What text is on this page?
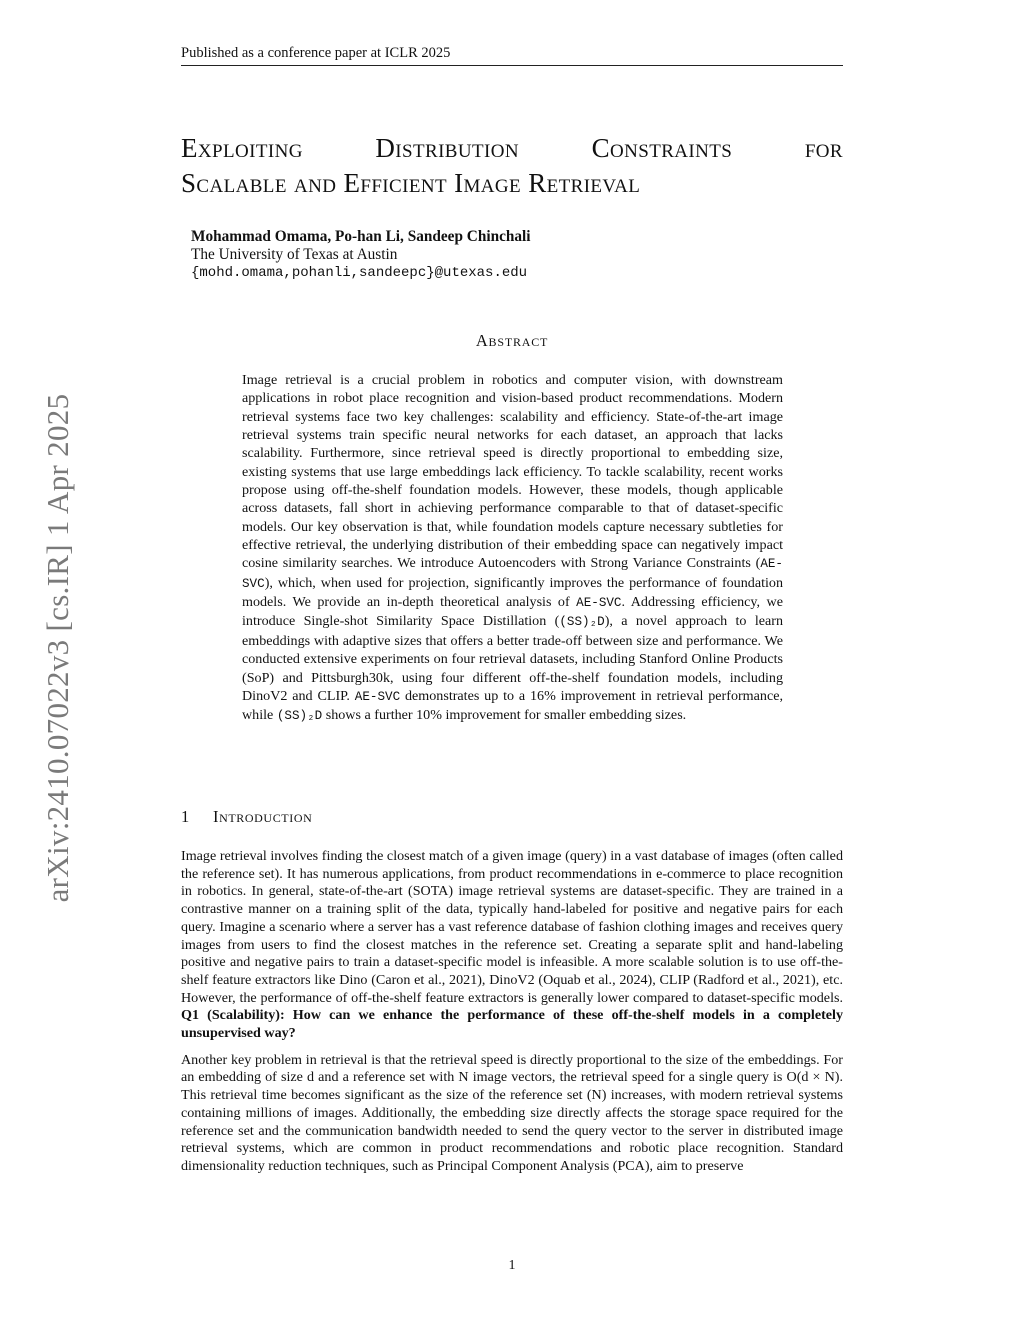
Published as a conference paper at ICLR 2025
arXiv:2410.07022v3 [cs.IR] 1 Apr 2025
Exploiting	Distribution	Constraints	for
Scalable and Efficient Image Retrieval
Mohammad Omama, Po-han Li, Sandeep Chinchali
The University of Texas at Austin
{mohd.omama,pohanli,sandeepc}@utexas.edu
Abstract

Image retrieval is a crucial problem in robotics and computer vision, with downstream applications in robot place recognition and vision-based product recommendations. Modern retrieval systems face two key challenges: scalability and efficiency. State-of-the-art image retrieval systems train specific neural networks for each dataset, an approach that lacks scalability. Furthermore, since retrieval speed is directly proportional to embedding size, existing systems that use large embeddings lack efficiency. To tackle scalability, recent works propose using off-the-shelf foundation models. However, these models, though applicable across datasets, fall short in achieving performance comparable to that of dataset-specific models. Our key observation is that, while foundation models capture necessary subtleties for effective retrieval, the underlying distribution of their embedding space can negatively impact cosine similarity searches. We introduce Autoencoders with Strong Variance Constraints (AE-SVC), which, when used for projection, significantly improves the performance of foundation models. We provide an in-depth theoretical analysis of AE-SVC. Addressing efficiency, we introduce Single-shot Similarity Space Distillation ((SS)₂D), a novel approach to learn embeddings with adaptive sizes that offers a better trade-off between size and performance. We conducted extensive experiments on four retrieval datasets, including Stanford Online Products (SoP) and Pittsburgh30k, using four different off-the-shelf foundation models, including DinoV2 and CLIP. AE-SVC demonstrates up to a 16% improvement in retrieval performance, while (SS)₂D shows a further 10% improvement for smaller embedding sizes.

1 Introduction

Image retrieval involves finding the closest match of a given image (query) in a vast database of images (often called the reference set). It has numerous applications, from product recommendations in e-commerce to place recognition in robotics. In general, state-of-the-art (SOTA) image retrieval systems are dataset-specific. They are trained in a contrastive manner on a training split of the data, typically hand-labeled for positive and negative pairs for each query. Imagine a scenario where a server has a vast reference database of fashion clothing images and receives query images from users to find the closest matches in the reference set. Creating a separate split and hand-labeling positive and negative pairs to train a dataset-specific model is infeasible. A more scalable solution is to use off-the-shelf feature extractors like Dino (Caron et al., 2021), DinoV2 (Oquab et al., 2024), CLIP (Radford et al., 2021), etc. However, the performance of off-the-shelf feature extractors is generally lower compared to dataset-specific models. Q1 (Scalability): How can we enhance the performance of these off-the-shelf models in a completely unsupervised way?

Another key problem in retrieval is that the retrieval speed is directly proportional to the size of the embeddings. For an embedding of size d and a reference set with N image vectors, the retrieval speed for a single query is O(d × N). This retrieval time becomes significant as the size of the reference set (N) increases, with modern retrieval systems containing millions of images. Additionally, the embedding size directly affects the storage space required for the reference set and the communication bandwidth needed to send the query vector to the server in distributed image retrieval systems, which are common in product recommendations and robotic place recognition. Standard dimensionality reduction techniques, such as Principal Component Analysis (PCA), aim to preserve

1
